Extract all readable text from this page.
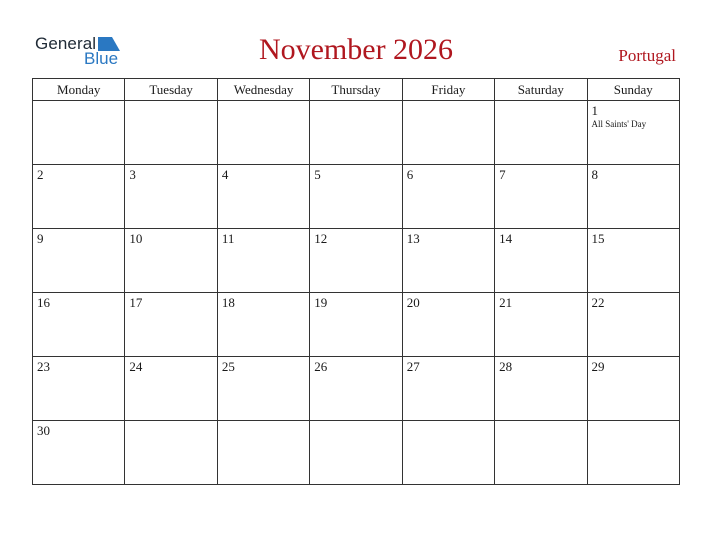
General
Blue	November 2026	Portugal
Monday	Tuesday	Wednesday	Thursday	Friday	Saturday	Sunday

						1
All Saints' Day

2	3	4	5	6	7	8

9	10	11	12	13	14	15

16	17	18	19	20	21	22

23	24	25	26	27	28	29

30						
